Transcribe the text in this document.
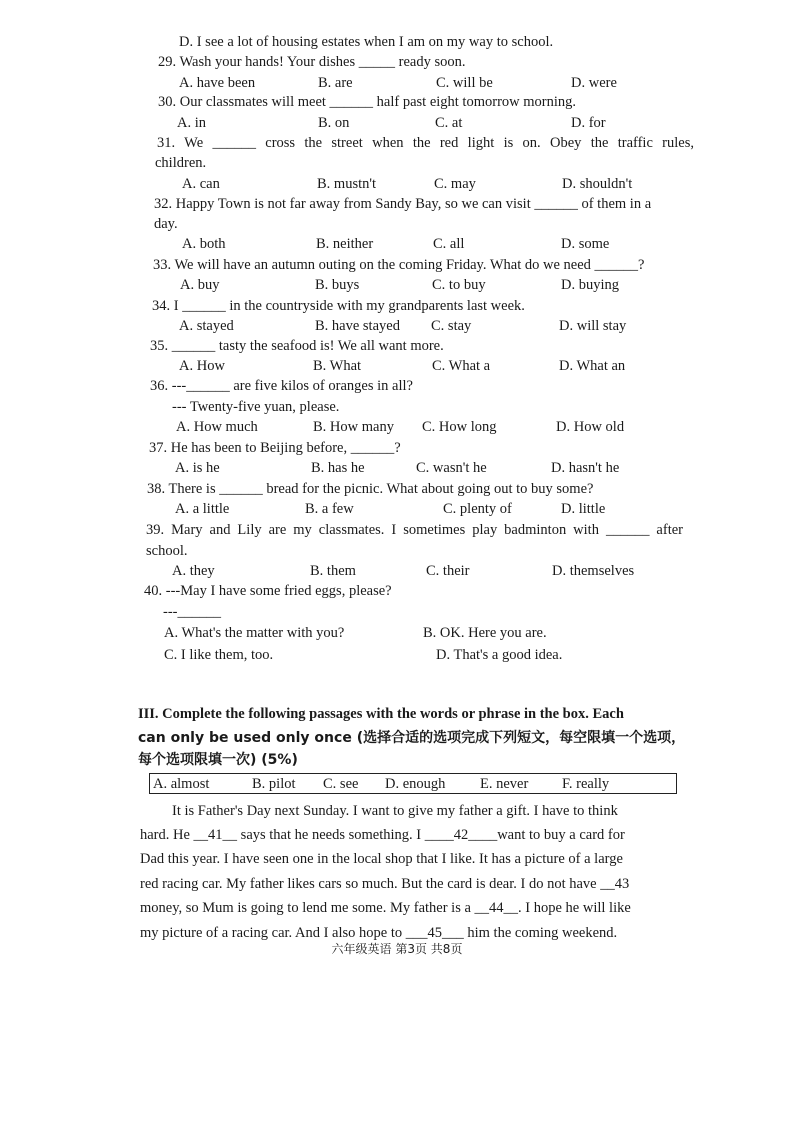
D. I see a lot of housing estates when I am on my way to school.
29. Wash your hands! Your dishes _____ ready soon.
A. have been	B. are	C. will be	D. were
30. Our classmates will meet ______ half past eight tomorrow morning.
A. in	B. on	C. at	D. for
31. We ______ cross the street when the red light is on. Obey the traffic rules,
children.
A. can	B. mustn't	C. may	D. shouldn't
32. Happy Town is not far away from Sandy Bay, so we can visit ______ of them in a
day.
A. both	B. neither	C. all	D. some
33. We will have an autumn outing on the coming Friday. What do we need ______?
A. buy	B. buys	C. to buy	D. buying
34. I ______ in the countryside with my grandparents last week.
A. stayed	B. have stayed C. stay	D. will stay
35. ______ tasty the seafood is! We all want more.
A. How	B. What	C. What a	D. What an
36. ---______ are five kilos of oranges in all?
--- Twenty-five yuan, please.
A. How much	B. How many C. How long	D. How old
37. He has been to Beijing before, ______?
A. is he	B. has he	C. wasn't he	D. hasn't he
38. There is ______ bread for the picnic. What about going out to buy some?
A. a little	B. a few	C. plenty of	D. little
39. Mary and Lily are my classmates. I sometimes play badminton with ______ after
school.
A. they	B. them	C. their	D. themselves
40. ---May I have some fried eggs, please?
---______
A. What's the matter with you?	B. OK. Here you are.
C. I like them, too.	D. That's a good idea.
III. Complete the following passages with the words or phrase in the box. Each
can only be used only once (选择合适的选项完成下列短文，每空限填一个选项，
每个选项限填一次) (5%)
A. almost	B. pilot C. see D. enough E. never F. really
It is Father's Day next Sunday. I want to give my father a gift. I have to think
hard. He __41__ says that he needs something. I ____42____want to buy a card for
Dad this year. I have seen one in the local shop that I like. It has a picture of a large
red racing car. My father likes cars so much. But the card is dear. I do not have __43
money, so Mum is going to lend me some. My father is a __44__. I hope he will like
my picture of a racing car. And I also hope to ___45___ him the coming weekend.
六年级英语 第3页 共8页
